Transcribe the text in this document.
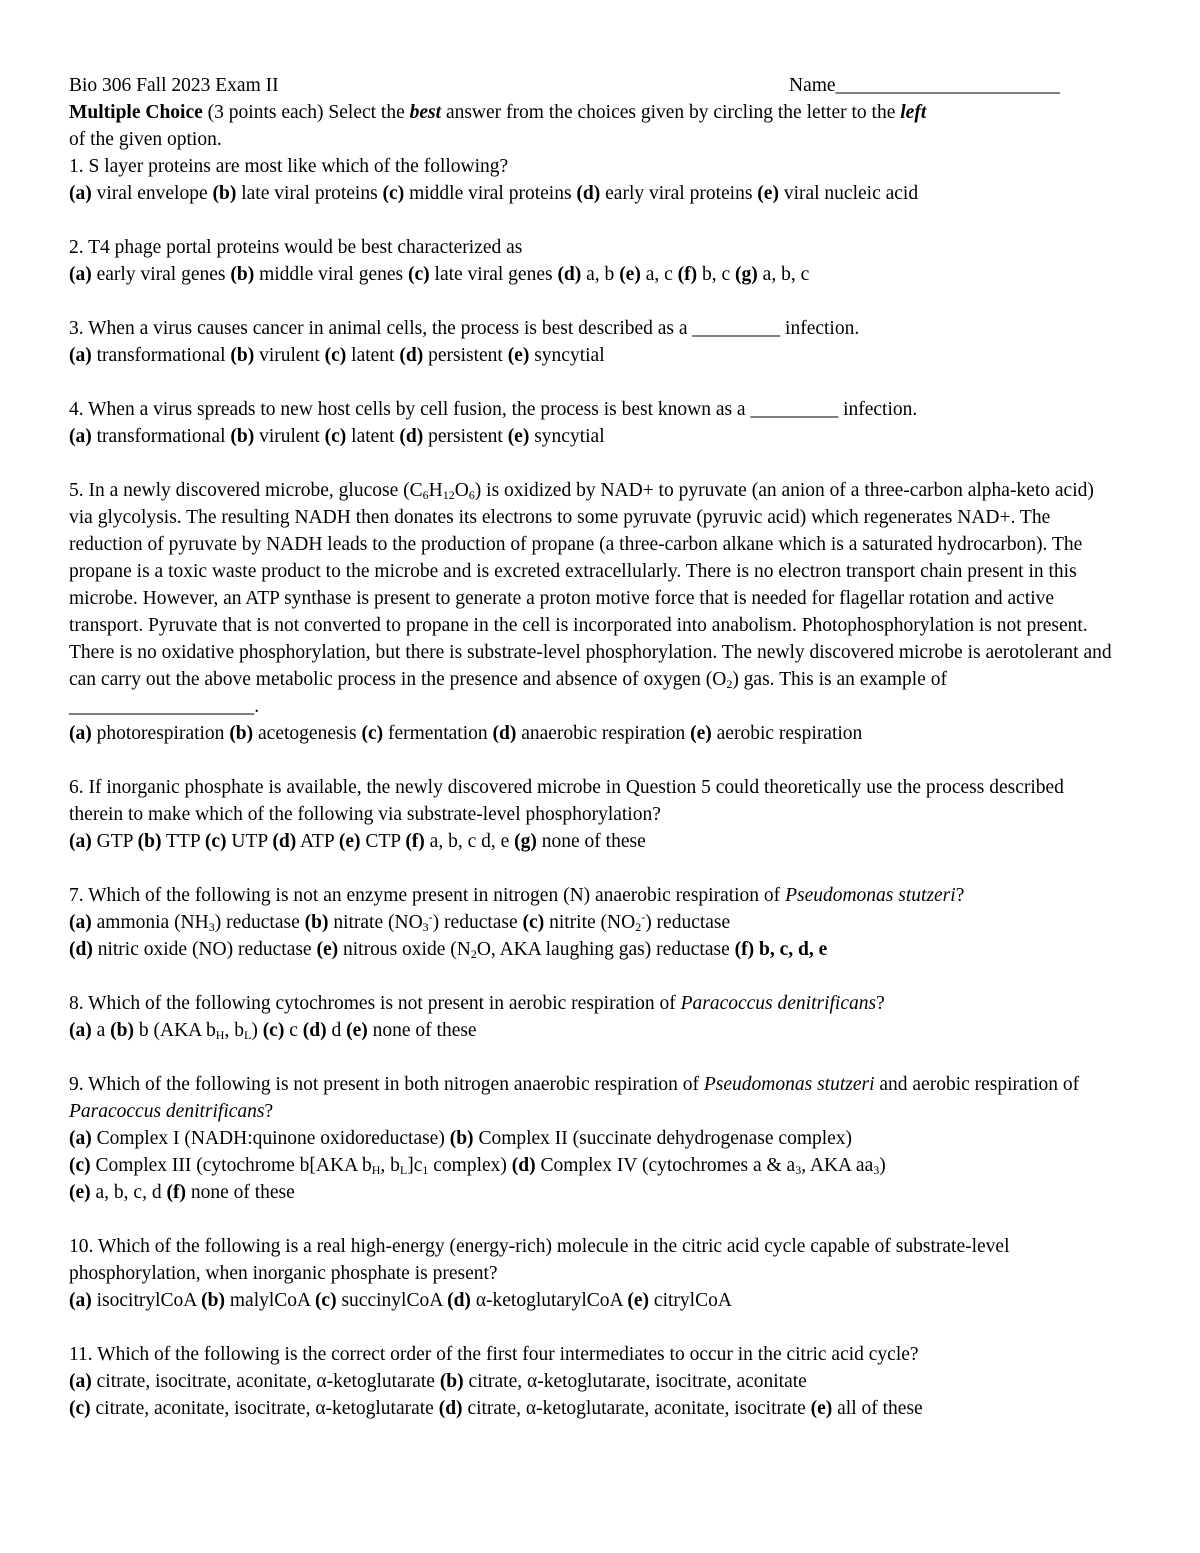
Bio 306 Fall 2023 Exam II	Name_______________________
Multiple Choice (3 points each) Select the best answer from the choices given by circling the letter to the left
of the given option.
1. S layer proteins are most like which of the following?
(a) viral envelope (b) late viral proteins (c) middle viral proteins (d) early viral proteins (e) viral nucleic acid
2. T4 phage portal proteins would be best characterized as
(a) early viral genes (b) middle viral genes (c) late viral genes (d) a, b (e) a, c (f) b, c (g) a, b, c
3. When a virus causes cancer in animal cells, the process is best described as a _________ infection.
(a) transformational (b) virulent (c) latent (d) persistent (e) syncytial
4. When a virus spreads to new host cells by cell fusion, the process is best known as a _________ infection.
(a) transformational (b) virulent (c) latent (d) persistent (e) syncytial
5. In a newly discovered microbe, glucose $(C_6H_{12}O_6)$ is oxidized by NAD+ to pyruvate (an anion of a three-carbon alpha-keto acid) via glycolysis. The resulting NADH then donates its electrons to some pyruvate (pyruvic acid) which regenerates NAD+. The reduction of pyruvate by NADH leads to the production of propane (a three-carbon alkane which is a saturated hydrocarbon). The propane is a toxic waste product to the microbe and is excreted extracellularly. There is no electron transport chain present in this microbe. However, an ATP synthase is present to generate a proton motive force that is needed for flagellar rotation and active transport. Pyruvate that is not converted to propane in the cell is incorporated into anabolism. Photophosphorylation is not present. There is no oxidative phosphorylation, but there is substrate-level phosphorylation. The newly discovered microbe is aerotolerant and can carry out the above metabolic process in the presence and absence of oxygen $(O_2)$ gas. This is an example of ___________________.
(a) photorespiration (b) acetogenesis (c) fermentation (d) anaerobic respiration (e) aerobic respiration
6. If inorganic phosphate is available, the newly discovered microbe in Question 5 could theoretically use the process described therein to make which of the following via substrate-level phosphorylation?
(a) GTP (b) TTP (c) UTP (d) ATP (e) CTP (f) a, b, c d, e (g) none of these
7. Which of the following is not an enzyme present in nitrogen (N) anaerobic respiration of Pseudomonas stutzeri?
(a) ammonia $(NH_3)$ reductase (b) nitrate $(NO_3^-)$ reductase (c) nitrite $(NO_2^-)$ reductase
(d) nitric oxide (NO) reductase (e) nitrous oxide ($N_2O$, AKA laughing gas) reductase (f) b, c, d, e
8. Which of the following cytochromes is not present in aerobic respiration of Paracoccus denitrificans?
(a) a (b) b (AKA $b_H$, $b_L$) (c) c (d) d (e) none of these
9. Which of the following is not present in both nitrogen anaerobic respiration of Pseudomonas stutzeri and aerobic respiration of Paracoccus denitrificans?
(a) Complex I (NADH:quinone oxidoreductase) (b) Complex II (succinate dehydrogenase complex)
(c) Complex III (cytochrome b[AKA $b_H$, $b_L]c_1$ complex) (d) Complex IV (cytochromes a & $a_3$, AKA $aa_3$)
(e) a, b, c, d (f) none of these
10. Which of the following is a real high-energy (energy-rich) molecule in the citric acid cycle capable of substrate-level phosphorylation, when inorganic phosphate is present?
(a) isocitrylCoA (b) malylCoA (c) succinylCoA (d) α-ketoglutarylCoA (e) citrylCoA
11. Which of the following is the correct order of the first four intermediates to occur in the citric acid cycle?
(a) citrate, isocitrate, aconitate, α-ketoglutarate (b) citrate, α-ketoglutarate, isocitrate, aconitate
(c) citrate, aconitate, isocitrate, α-ketoglutarate (d) citrate, α-ketoglutarate, aconitate, isocitrate (e) all of these
